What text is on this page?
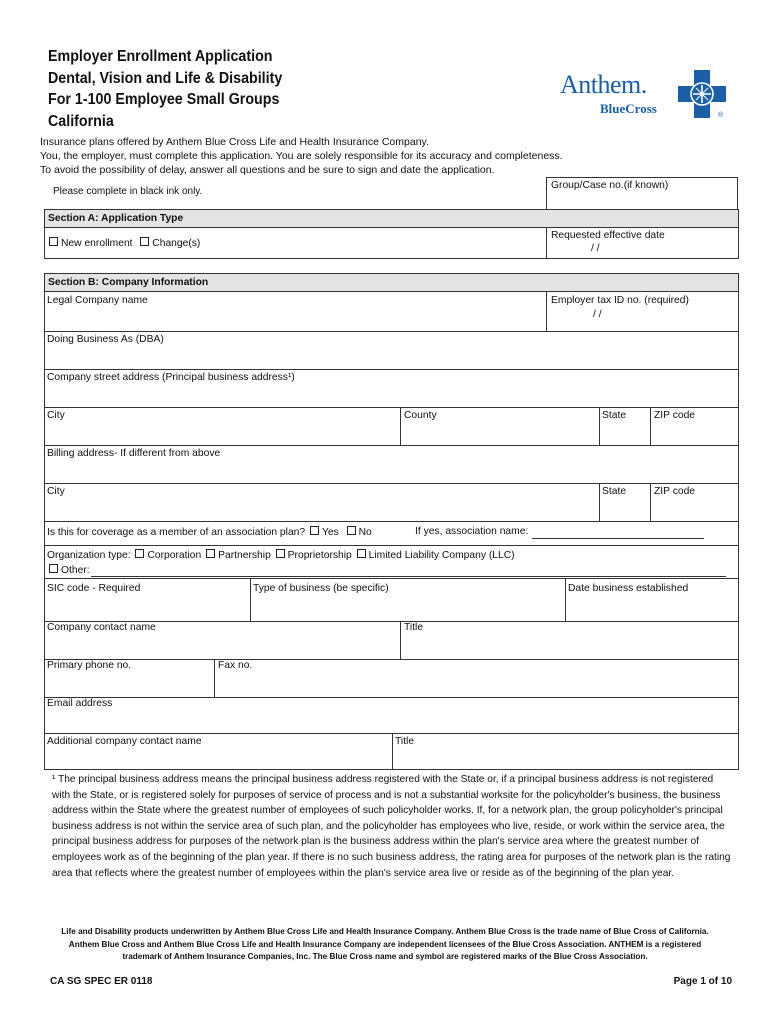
Employer Enrollment Application
Dental, Vision and Life & Disability
For 1-100 Employee Small Groups
California
Anthem.
BlueCross	®
Insurance plans offered by Anthem Blue Cross Life and Health Insurance Company.
You, the employer, must complete this application. You are solely responsible for its accuracy and completeness.
To avoid the possibility of delay, answer all questions and be sure to sign and date the application.
Please complete in black ink only.
Group/Case no.(if known)
Section A: Application Type
New enrollment Change(s)
Requested effective date
/ /
Section B: Company Information
Legal Company name	Employer tax ID no. (required)
/ /
Doing Business As (DBA)
Company street address (Principal business address¹)
City	County	State	ZIP code
Billing address- If different from above
City	State	ZIP code
Is this for coverage as a member of an association plan? Yes No	If yes, association name:
Organization type: Corporation Partnership Proprietorship Limited Liability Company (LLC)
Other:
SIC code - Required	Type of business (be specific)	Date business established
Company contact name	Title
Primary phone no.	Fax no.
Email address
Additional company contact name	Title
¹ The principal business address means the principal business address registered with the State or, if a principal business address is not registered with the State, or is registered solely for purposes of service of process and is not a substantial worksite for the policyholder's business, the business address within the State where the greatest number of employees of such policyholder works. If, for a network plan, the group policyholder's principal business address is not within the service area of such plan, and the policyholder has employees who live, reside, or work within the service area, the principal business address for purposes of the network plan is the business address within the plan's service area where the greatest number of employees work as of the beginning of the plan year. If there is no such business address, the rating area for purposes of the network plan is the rating area that reflects where the greatest number of employees within the plan's service area live or reside as of the beginning of the plan year.
Life and Disability products underwritten by Anthem Blue Cross Life and Health Insurance Company. Anthem Blue Cross is the trade name of Blue Cross of California.
Anthem Blue Cross and Anthem Blue Cross Life and Health Insurance Company are independent licensees of the Blue Cross Association. ANTHEM is a registered
trademark of Anthem Insurance Companies, Inc. The Blue Cross name and symbol are registered marks of the Blue Cross Association.
CA SG SPEC ER 0118	Page 1 of 10
